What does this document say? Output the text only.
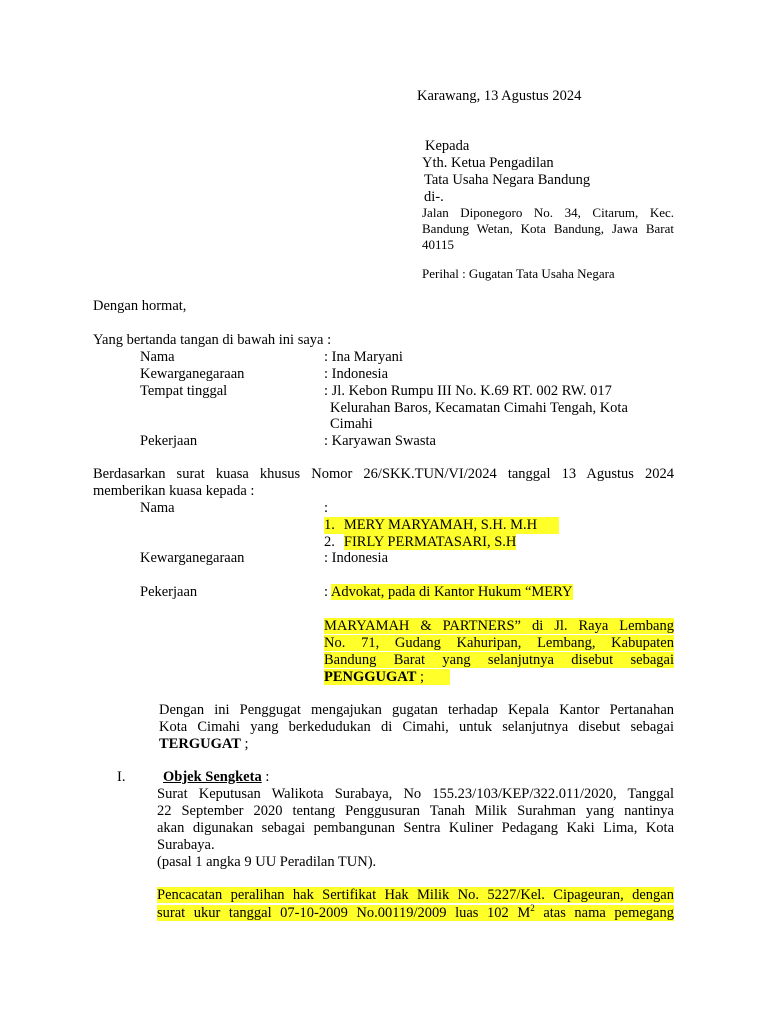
Karawang, 13 Agustus 2024
Kepada
Yth. Ketua Pengadilan
Tata Usaha Negara Bandung
di-.
Jalan Diponegoro No. 34, Citarum, Kec.
Bandung Wetan, Kota Bandung, Jawa Barat
40115
Perihal : Gugatan Tata Usaha Negara
Dengan hormat,
Yang bertanda tangan di bawah ini saya :
Nama	: Ina Maryani
Kewarganegaraan	: Indonesia
Tempat tinggal	: Jl. Kebon Rumpu III No. K.69 RT. 002 RW. 017
Kelurahan Baros, Kecamatan Cimahi Tengah, Kota
Cimahi
Pekerjaan	: Karyawan Swasta
Berdasarkan surat kuasa khusus Nomor 26/SKK.TUN/VI/2024 tanggal 13 Agustus 2024
memberikan kuasa kepada :
Nama	:
1. MERY MARYAMAH, S.H. M.H
2. FIRLY PERMATASARI, S.H
Kewarganegaraan	: Indonesia
Pekerjaan	: Advokat, pada di Kantor Hukum “MERY
MARYAMAH & PARTNERS” di Jl. Raya Lembang
No. 71, Gudang Kahuripan, Lembang, Kabupaten
Bandung Barat yang selanjutnya disebut sebagai
PENGGUGAT ;
Dengan ini Penggugat mengajukan gugatan terhadap Kepala Kantor Pertanahan
Kota Cimahi yang berkedudukan di Cimahi, untuk selanjutnya disebut sebagai
TERGUGAT ;
I.	Objek Sengketa :
Surat Keputusan Walikota Surabaya, No 155.23/103/KEP/322.011/2020, Tanggal
22 September 2020 tentang Penggusuran Tanah Milik Surahman yang nantinya
akan digunakan sebagai pembangunan Sentra Kuliner Pedagang Kaki Lima, Kota
Surabaya.
(pasal 1 angka 9 UU Peradilan TUN).
Pencacatan peralihan hak Sertifikat Hak Milik No. 5227/Kel. Cipageuran, dengan
surat ukur tanggal 07-10-2009 No.00119/2009 luas 102 $M^2$ atas nama pemegang
